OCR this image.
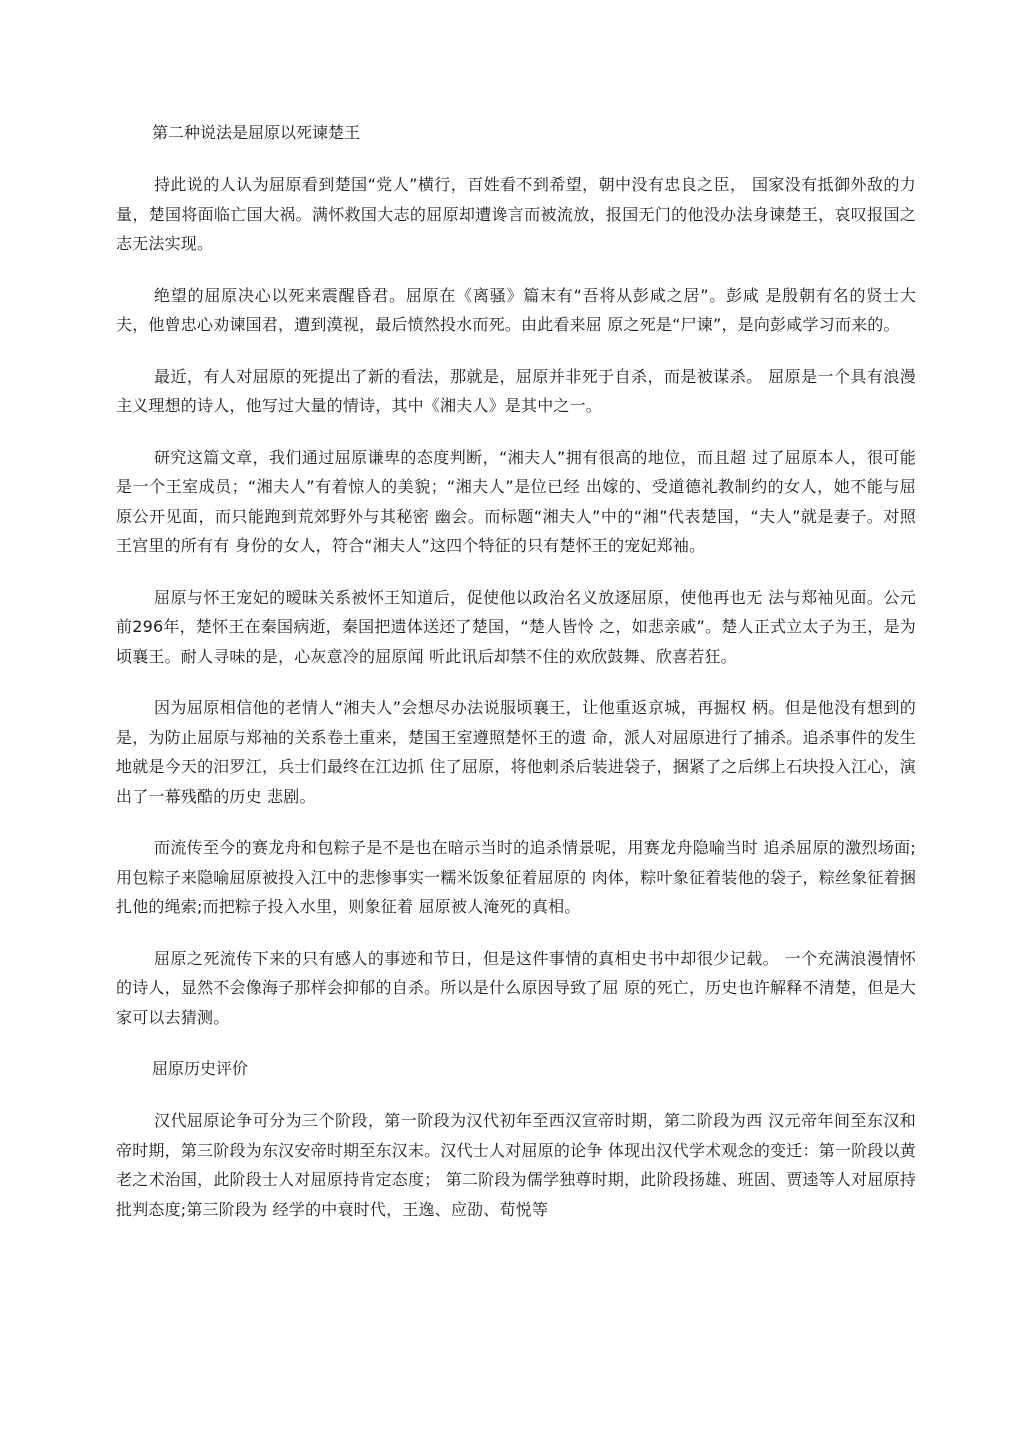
第二种说法是屈原以死谏楚王

持此说的人认为屈原看到楚国“党人”横行，百姓看不到希望，朝中没有忠良之臣， 国家没有抵御外敌的力量，楚国将面临亡国大祸。满怀救国大志的屈原却遭谗言而被流放，报国无门的他没办法身谏楚王，哀叹报国之志无法实现。

绝望的屈原决心以死来震醒昏君。屈原在《离骚》篇末有“吾将从彭咸之居”。彭咸 是殷朝有名的贤士大夫，他曾忠心劝谏国君，遭到漠视，最后愤然投水而死。由此看来屈 原之死是“尸谏”，是向彭咸学习而来的。

最近，有人对屈原的死提出了新的看法，那就是，屈原并非死于自杀，而是被谋杀。 屈原是一个具有浪漫主义理想的诗人，他写过大量的情诗，其中《湘夫人》是其中之一。

研究这篇文章，我们通过屈原谦卑的态度判断，“湘夫人”拥有很高的地位，而且超 过了屈原本人，很可能是一个王室成员；“湘夫人”有着惊人的美貌；“湘夫人”是位已经 出嫁的、受道德礼教制约的女人，她不能与屈原公开见面，而只能跑到荒郊野外与其秘密 幽会。而标题“湘夫人”中的“湘”代表楚国，“夫人”就是妻子。对照王宫里的所有有 身份的女人，符合“湘夫人”这四个特征的只有楚怀王的宠妃郑袖。

屈原与怀王宠妃的暧昧关系被怀王知道后，促使他以政治名义放逐屈原，使他再也无 法与郑袖见面。公元前296年，楚怀王在秦国病逝，秦国把遗体送还了楚国，“楚人皆怜 之，如悲亲戚”。楚人正式立太子为王，是为顷襄王。耐人寻味的是，心灰意冷的屈原闻 听此讯后却禁不住的欢欣鼓舞、欣喜若狂。

因为屈原相信他的老情人“湘夫人”会想尽办法说服顷襄王，让他重返京城，再掘权 柄。但是他没有想到的是，为防止屈原与郑袖的关系卷土重来，楚国王室遵照楚怀王的遗 命，派人对屈原进行了捕杀。追杀事件的发生地就是今天的汨罗江，兵士们最终在江边抓 住了屈原，将他刺杀后装进袋子，捆紧了之后绑上石块投入江心，演出了一幕残酷的历史 悲剧。

而流传至今的赛龙舟和包粽子是不是也在暗示当时的追杀情景呢，用赛龙舟隐喻当时 追杀屈原的激烈场面;用包粽子来隐喻屈原被投入江中的悲惨事实一糯米饭象征着屈原的 肉体，粽叶象征着装他的袋子，粽丝象征着捆扎他的绳索;而把粽子投入水里，则象征着 屈原被人淹死的真相。

屈原之死流传下来的只有感人的事迹和节日，但是这件事情的真相史书中却很少记载。 一个充满浪漫情怀的诗人，显然不会像海子那样会抑郁的自杀。所以是什么原因导致了屈 原的死亡，历史也许解释不清楚，但是大家可以去猜测。

屈原历史评价

汉代屈原论争可分为三个阶段，第一阶段为汉代初年至西汉宣帝时期，第二阶段为西 汉元帝年间至东汉和帝时期，第三阶段为东汉安帝时期至东汉末。汉代士人对屈原的论争 体现出汉代学术观念的变迁：第一阶段以黄老之术治国，此阶段士人对屈原持肯定态度； 第二阶段为儒学独尊时期，此阶段扬雄、班固、贾逵等人对屈原持批判态度;第三阶段为 经学的中衰时代，王逸、应劭、荀悦等
